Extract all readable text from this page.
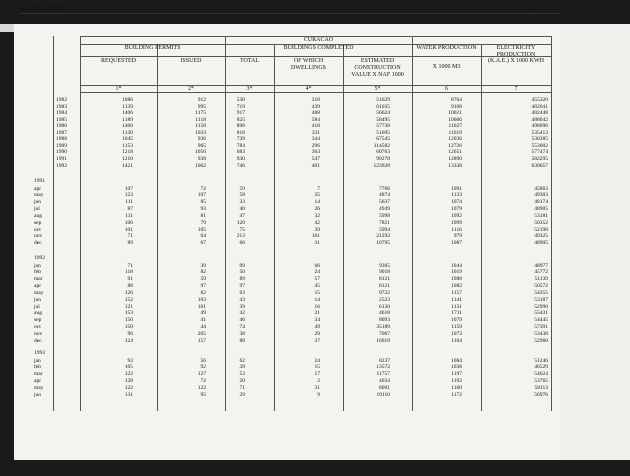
K. INDUSTRY	7
CURACAO
BUILDING PERMITS	BUILDINGS COMPLETED	WATER PRODUCTION	ELECTRICITY PRODUCTION
REQUESTED	ISSUED	TOTAL	OF WHICH DWELLINGS
ESTIMATED CONSTRUCTION VALUE X NAF 1000
X 1000 M3
(K.A.E.) X 1000 KWH
1*	2*	3*	4*	5*	6	7
1982	1086	912	530	318	51629	8764	455320
1983	1139	995	719	439	61035	9108	482041
1984	1406	1175	917	488	56624	10021	482448
1985	1189	1118	825	584	58495	10606	488042
1986	1400	1158	898	418	57738	11027	498696
1987	1130	1033	816	331	51695	11619	535413
1988	1045	936	739	344	67545	12036	530385
1989	1153	965	784	296	114582	12726	553002
1990	1218	1056	683	363	60763	12651	577474
1991	1210	938	930	547	90278	12890	582295
1992	1421	1062	746	401	123928	13338	630657
1991
apr	107	72	59	7	7766	1091	45863
may	123	107	58	35	4874	1133	49303
jun	111	85	33	14	5637	1074	48174
jul	87	93	40	26	4949	1079	48905
aug	111	81	47	32	5998	1092	53181
sep	106	79	120	42	7821	1099	50352
oct	101	105	75	39	5994	1116	52198
nov	71	64	213	161	21292	979	49325
dec	89	67	66	31	10795	1087	48905
1992
jan	71	39	99	66	9305	1044	48977
feb	118	82	50	24	9018	1019	45772
mar	91	59	89	57	8121	1088	51139
apr	88	97	97	45	8121	1082	50572
may	126	82	63	15	9722	1157	54355
jun	152	103	43	14	2523	1141	53187
jul	121	101	39	16	6130	1131	52990
aug	153	49	42	21	4618	1711	55431
sep	150	41	46	34	8093	1079	54445
oct	150	44	74	49	35189	1159	57391
nov	96	205	38	29	7067	1073	53438
dec	124	157	88	37	16019	1104	52960
1993
jan	93	56	62	24	8237	1084	51246
feb	105	92	39	15	13572	1038	46529
mar	122	127	53	17	11757	1197	54624
apr	128	72	20	2	4034	1192	53765
may	122	122	71	31	8001	1160	58113
jun	131	95	29	9	19110	1172	56976
